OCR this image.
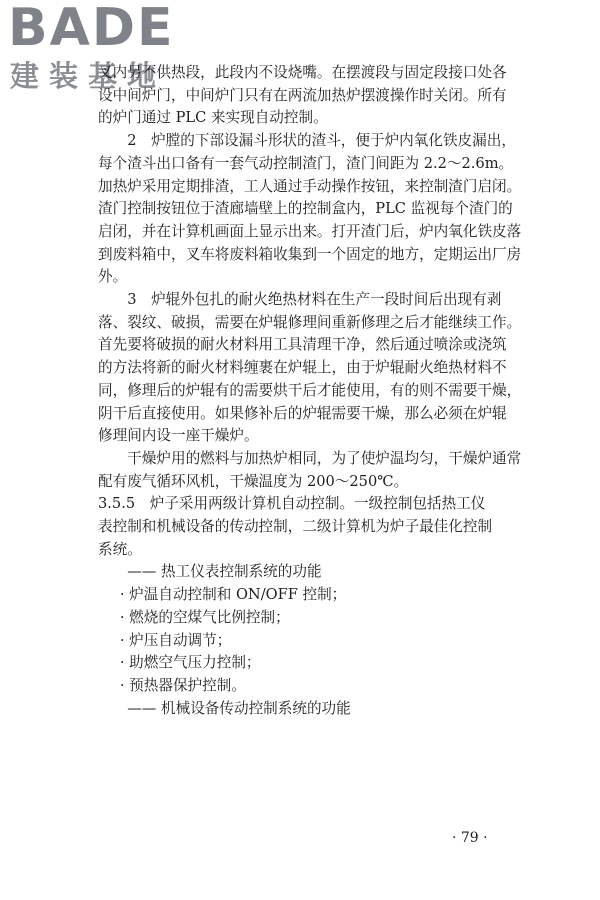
BADE
建装基地

叉内另不供热段，此段内不设烧嘴。在摆渡段与固定段接口处各

设中间炉门，中间炉门只有在两流加热炉摆渡操作时关闭。所有

的炉门通过 PLC 来实现自动控制。

2　炉膛的下部设漏斗形状的渣斗，便于炉内氧化铁皮漏出，

每个渣斗出口备有一套气动控制渣门，渣门间距为 2.2～2.6m。

加热炉采用定期排渣，工人通过手动操作按钮，来控制渣门启闭。

渣门控制按钮位于渣廊墙壁上的控制盒内，PLC 监视每个渣门的

启闭，并在计算机画面上显示出来。打开渣门后，炉内氧化铁皮落

到废料箱中，叉车将废料箱收集到一个固定的地方，定期运出厂房

外。

3　炉辊外包扎的耐火绝热材料在生产一段时间后出现有剥

落、裂纹、破损，需要在炉辊修理间重新修理之后才能继续工作。

首先要将破损的耐火材料用工具清理干净，然后通过喷涂或浇筑

的方法将新的耐火材料缠裹在炉辊上，由于炉辊耐火绝热材料不

同，修理后的炉辊有的需要烘干后才能使用，有的则不需要干燥，

阴干后直接使用。如果修补后的炉辊需要干燥，那么必须在炉辊

修理间内设一座干燥炉。

干燥炉用的燃料与加热炉相同，为了使炉温均匀，干燥炉通常

配有废气循环风机，干燥温度为 200～250℃。

3.5.5　炉子采用两级计算机自动控制。一级控制包括热工仪

表控制和机械设备的传动控制，二级计算机为炉子最佳化控制

系统。

—— 热工仪表控制系统的功能

· 炉温自动控制和 ON/OFF 控制；

· 燃烧的空煤气比例控制；

· 炉压自动调节；

· 助燃空气压力控制；

· 预热器保护控制。

—— 机械设备传动控制系统的功能

· 79 ·
